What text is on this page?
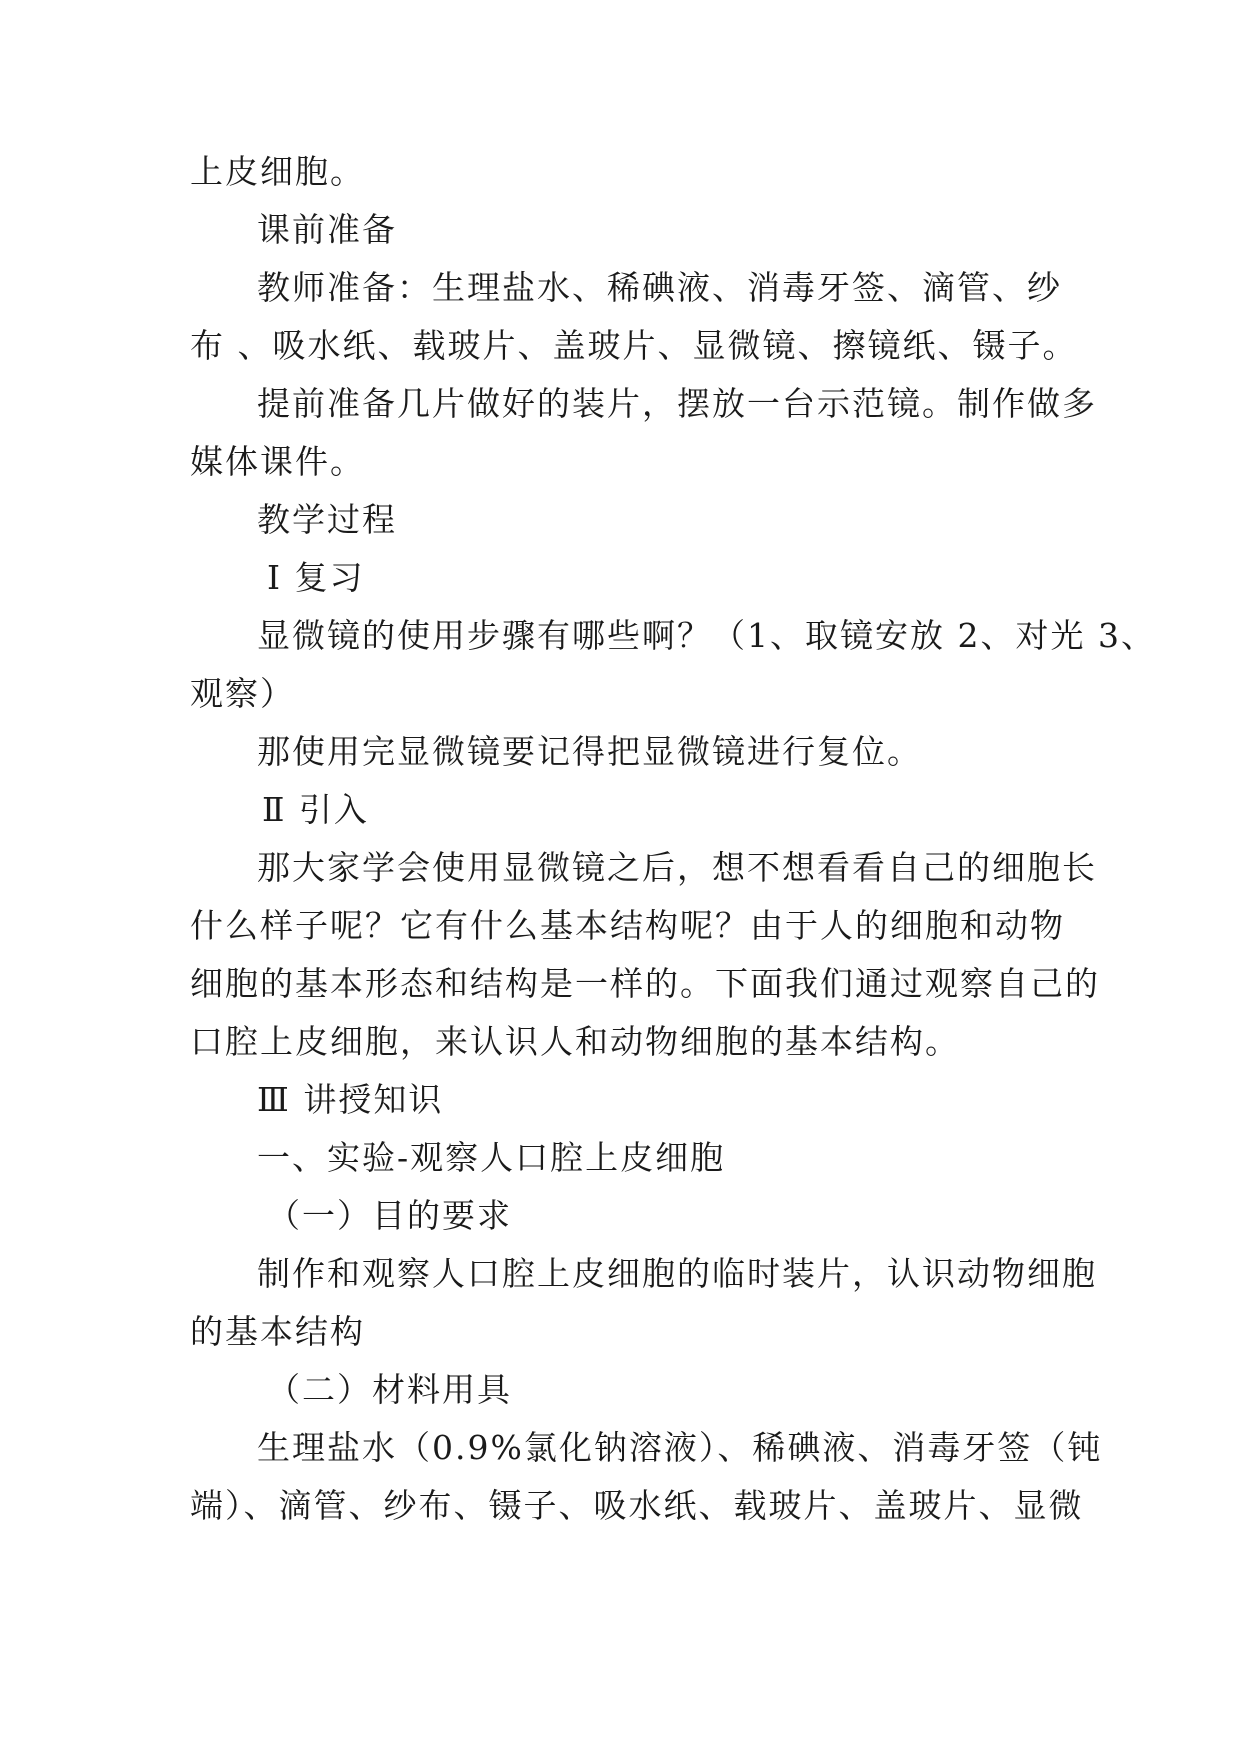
上皮细胞。
课前准备
教师准备：生理盐水、稀碘液、消毒牙签、滴管、纱
布 、吸水纸、载玻片、盖玻片、显微镜、擦镜纸、镊子。
提前准备几片做好的装片，摆放一台示范镜。制作做多
媒体课件。
教学过程
Ⅰ 复习
显微镜的使用步骤有哪些啊？（1、取镜安放 2、对光 3、
观察）
那使用完显微镜要记得把显微镜进行复位。
Ⅱ 引入
那大家学会使用显微镜之后，想不想看看自己的细胞长
什么样子呢？它有什么基本结构呢？由于人的细胞和动物
细胞的基本形态和结构是一样的。下面我们通过观察自己的
口腔上皮细胞，来认识人和动物细胞的基本结构。
Ⅲ 讲授知识
一、实验-观察人口腔上皮细胞
（一）目的要求
制作和观察人口腔上皮细胞的临时装片，认识动物细胞
的基本结构
（二）材料用具
生理盐水（0.9%氯化钠溶液）、稀碘液、消毒牙签（钝
端）、滴管、纱布、镊子、吸水纸、载玻片、盖玻片、显微
